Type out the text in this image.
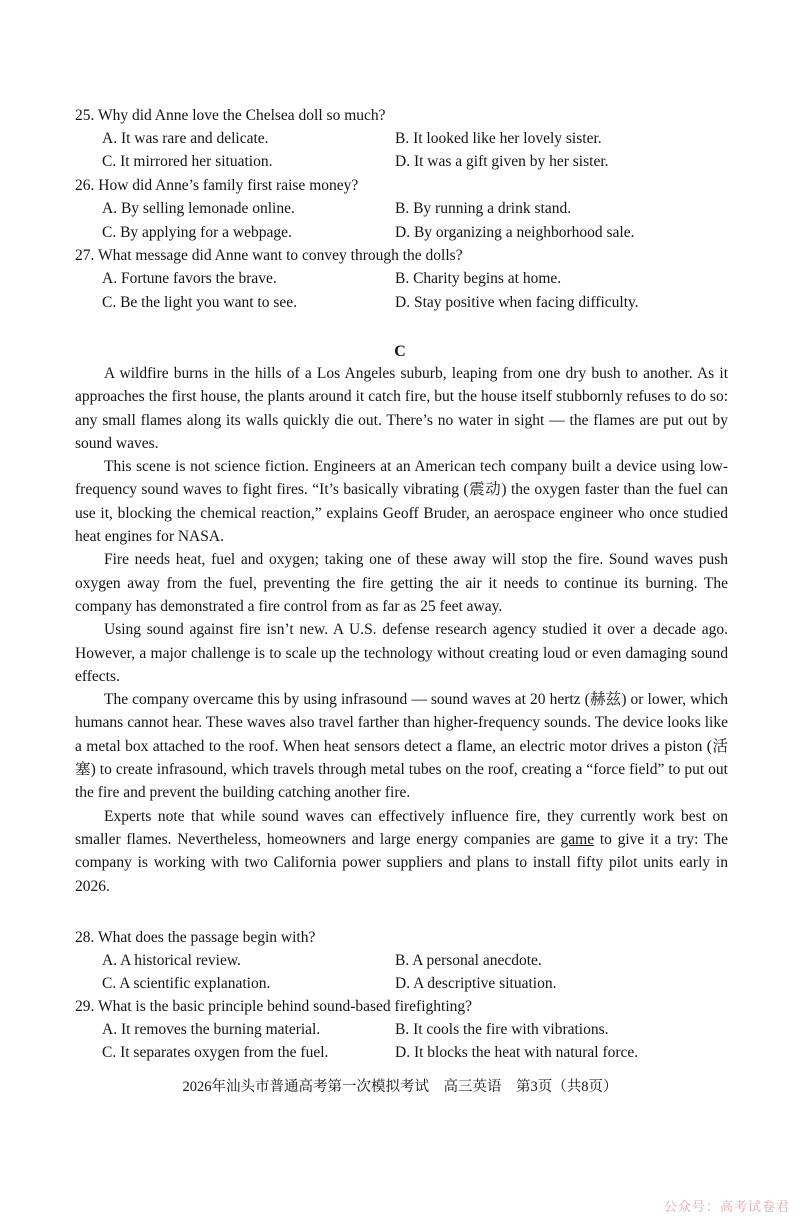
25. Why did Anne love the Chelsea doll so much?
A. It was rare and delicate.	B. It looked like her lovely sister.
C. It mirrored her situation.	D. It was a gift given by her sister.
26. How did Anne’s family first raise money?
A. By selling lemonade online.	B. By running a drink stand.
C. By applying for a webpage.	D. By organizing a neighborhood sale.
27. What message did Anne want to convey through the dolls?
A. Fortune favors the brave.	B. Charity begins at home.
C. Be the light you want to see.	D. Stay positive when facing difficulty.
C

A wildfire burns in the hills of a Los Angeles suburb, leaping from one dry bush to another. As it approaches the first house, the plants around it catch fire, but the house itself stubbornly refuses to do so: any small flames along its walls quickly die out. There’s no water in sight — the flames are put out by sound waves.

This scene is not science fiction. Engineers at an American tech company built a device using low-frequency sound waves to fight fires. “It’s basically vibrating (震动) the oxygen faster than the fuel can use it, blocking the chemical reaction,” explains Geoff Bruder, an aerospace engineer who once studied heat engines for NASA.

Fire needs heat, fuel and oxygen; taking one of these away will stop the fire. Sound waves push oxygen away from the fuel, preventing the fire getting the air it needs to continue its burning. The company has demonstrated a fire control from as far as 25 feet away.

Using sound against fire isn’t new. A U.S. defense research agency studied it over a decade ago. However, a major challenge is to scale up the technology without creating loud or even damaging sound effects.

The company overcame this by using infrasound — sound waves at 20 hertz (赫兹) or lower, which humans cannot hear. These waves also travel farther than higher-frequency sounds. The device looks like a metal box attached to the roof. When heat sensors detect a flame, an electric motor drives a piston (活塞) to create infrasound, which travels through metal tubes on the roof, creating a “force field” to put out the fire and prevent the building catching another fire.

Experts note that while sound waves can effectively influence fire, they currently work best on smaller flames. Nevertheless, homeowners and large energy companies are game to give it a try: The company is working with two California power suppliers and plans to install fifty pilot units early in 2026.

28. What does the passage begin with?
A. A historical review.	B. A personal anecdote.
C. A scientific explanation.	D. A descriptive situation.
29. What is the basic principle behind sound-based firefighting?
A. It removes the burning material.	B. It cools the fire with vibrations.
C. It separates oxygen from the fuel.	D. It blocks the heat with natural force.
2026年汕头市普通高考第一次模拟考试　高三英语　第3页（共8页）
公众号：高考试卷君
